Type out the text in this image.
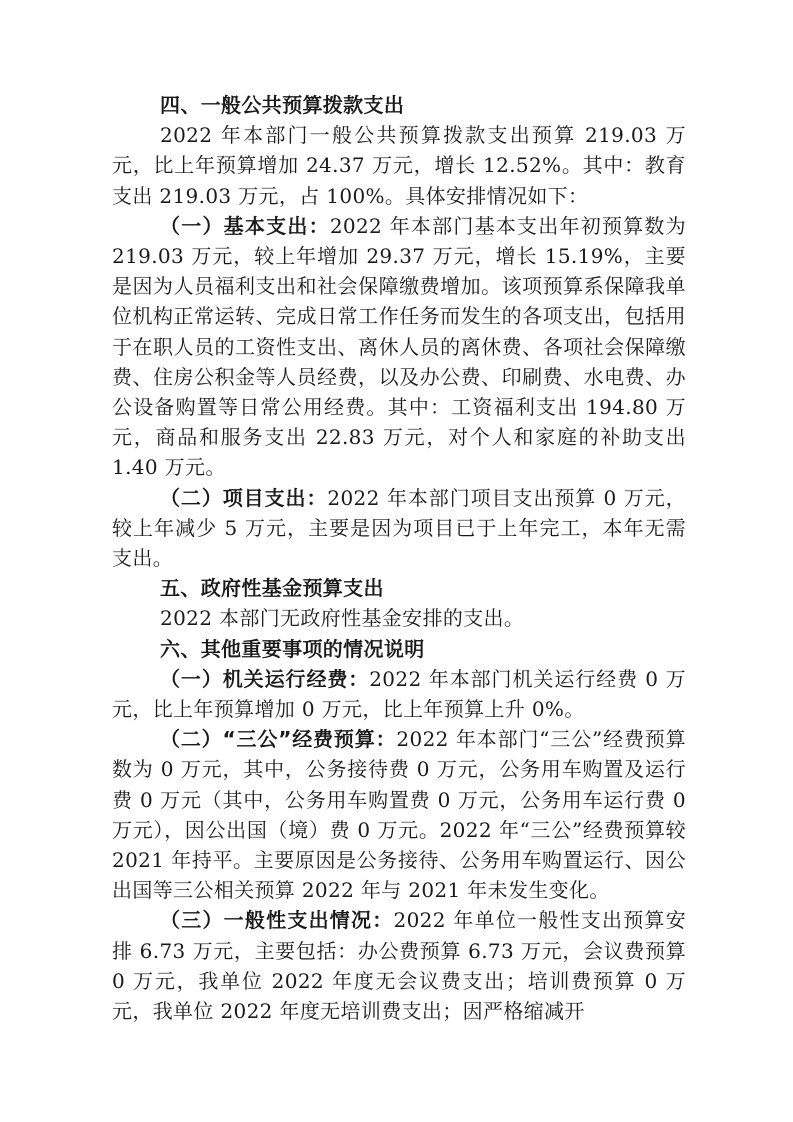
四、一般公共预算拨款支出

2022 年本部门一般公共预算拨款支出预算 219.03 万元，比上年预算增加 24.37 万元，增长 12.52%。其中：教育支出 219.03 万元，占 100%。具体安排情况如下：

（一）基本支出：2022 年本部门基本支出年初预算数为 219.03 万元，较上年增加 29.37 万元，增长 15.19%，主要是因为人员福利支出和社会保障缴费增加。该项预算系保障我单位机构正常运转、完成日常工作任务而发生的各项支出，包括用于在职人员的工资性支出、离休人员的离休费、各项社会保障缴费、住房公积金等人员经费，以及办公费、印刷费、水电费、办公设备购置等日常公用经费。其中：工资福利支出 194.80 万元，商品和服务支出 22.83 万元，对个人和家庭的补助支出 1.40 万元。

（二）项目支出：2022 年本部门项目支出预算 0 万元，较上年减少 5 万元，主要是因为项目已于上年完工，本年无需支出。

五、政府性基金预算支出

2022 本部门无政府性基金安排的支出。

六、其他重要事项的情况说明

（一）机关运行经费：2022 年本部门机关运行经费 0 万元，比上年预算增加 0 万元，比上年预算上升 0%。

（二）“三公”经费预算：2022 年本部门“三公”经费预算数为 0 万元，其中，公务接待费 0 万元，公务用车购置及运行费 0 万元（其中，公务用车购置费 0 万元，公务用车运行费 0 万元），因公出国（境）费 0 万元。2022 年“三公”经费预算较 2021 年持平。主要原因是公务接待、公务用车购置运行、因公出国等三公相关预算 2022 年与 2021 年未发生变化。

（三）一般性支出情况：2022 年单位一般性支出预算安排 6.73 万元，主要包括：办公费预算 6.73 万元，会议费预算 0 万元，我单位 2022 年度无会议费支出；培训费预算 0 万元，我单位 2022 年度无培训费支出；因严格缩减开
